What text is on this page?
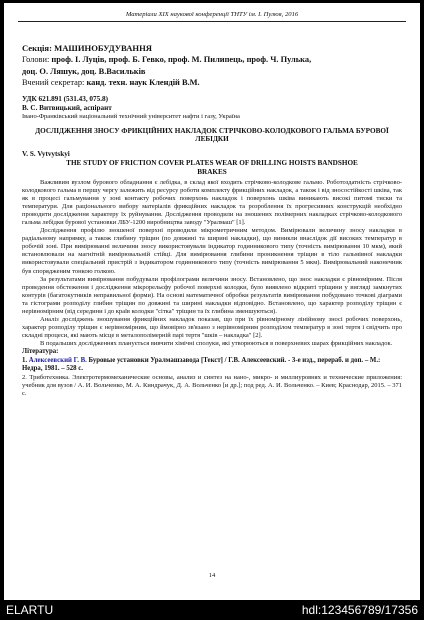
Матеріали XIX наукової конференції ТНТУ ім. І. Пулюя, 2016
Секція: МАШИНОБУДУВАННЯ
Голови: проф. І. Луців, проф. Б. Гевко, проф. М. Пилипець, проф. Ч. Пулька,
доц. О. Ляшук, доц. В.Васильків
Вчений секретар: канд. техн. наук Клендій В.М.
УДК 621.891 (531.43, 075.8)
В. С. Витвицький, аспірант
Івано-Франківський національний технічний університет нафти і газу, Україна
ДОСЛІДЖЕННЯ ЗНОСУ ФРИКЦІЙНИХ НАКЛАДОК СТРІЧКОВО-КОЛОДКОВОГО ГАЛЬМА БУРОВОЇ ЛЕБІДКИ
V. S. Vytvytskyi
THE STUDY OF FRICTION COVER PLATES WEAR OF DRILLING HOISTS BANDSHOE BRAKES

Важливим вузлом бурового обладнання є лебідка, в склад якої входить стрічково-колодкове гальмо. Роботоздатність стрічково-колодкового гальма в першу чергу залежить від ресурсу роботи комплекту фрикційних накладок, а також і від зносостійкості шківа, так як в процесі гальмування у зоні контакту робочих поверхонь накладок і поверхонь шківа виникають високі питомі тиски та температури. Для раціонального вибору матеріалів фрикційних накладок та розроблення їх прогресивних конструкцій необхідно проводити дослідження характеру їх руйнування. Дослідження проводили на зношених полімерних накладках стрічково-колодкового гальма лебідки бурової установки ЛБУ-1200 виробництва заводу "Уралмаш" [1].

Дослідження профілю зношеної поверхні проводили мікрометричним методом. Вимірювали величину зносу накладки в радіальному напрямку, а також глибину тріщин (по довжині та ширині накладки), що виникли внаслідок дії високих температур в робочій зоні. При вимірюванні величини зносу використовували індикатор годинникового типу (точність вимірювання 10 мкм), який встановлювали на магнітній вимірювальній стійці. Для вимірювання глибини проникнення тріщин в тіло гальмівної накладки використовували спеціальний пристрій з індикатором годинникового типу (точність вимірювання 5 мкм). Вимірювальний наконечник був спорядженим тонкою голкою.

За результатами вимірювання побудували профілограми величини зносу. Встановлено, що знос накладки є рівномірним. Після проведення обстеження і дослідження мікрорельєфу робочої поверхні колодки, було виявлено відкриті тріщини у вигляді замкнутих контурів (багатокутників неправильної форми). На основі математичної обробки результатів вимірювання побудовано точкові діаграми та гістограми розподілу глибин тріщин по довжині та ширині накладки відповідно. Встановлено, що характер розподілу тріщин є нерівномірним (від середини і до країв колодки "сітка" тріщин та їх глибина зменшуються).

Аналіз досліджень зношування фрикційних накладок показав, що при їх рівномірному лінійному зносі робочих поверхонь, характер розподілу тріщин є нерівномірним, що ймовірно зв'язано з нерівномірним розподілом температур в зоні тертя і свідчить про складні процеси, які мають місце в металополімерній парі тертя "шків – накладка" [2].

В подальших дослідженнях планується вивчити хімічні сполуки, які утворюються в поверхневих шарах фрикційних накладок.

Література:
1. Алексеевский Г. В. Буровые установки Уралмашзавода [Текст] / Г.В. Алексеевский. - 3-е изд., перераб. и доп. – М.: Недра, 1981. – 528 с.
2. Триботехника. Электротермомеханические основы, анализ и синтез на нано-, микро- и миллиуровнях и технические приложения: учебник для вузов / А. И. Вольченко, М. А. Киндрачук, Д. А. Вольченко [и др.]; под ред. А. И. Вольченко. – Киев; Краснодар, 2015. – 371 с.
14
ELARTU	hdl:123456789/17356
